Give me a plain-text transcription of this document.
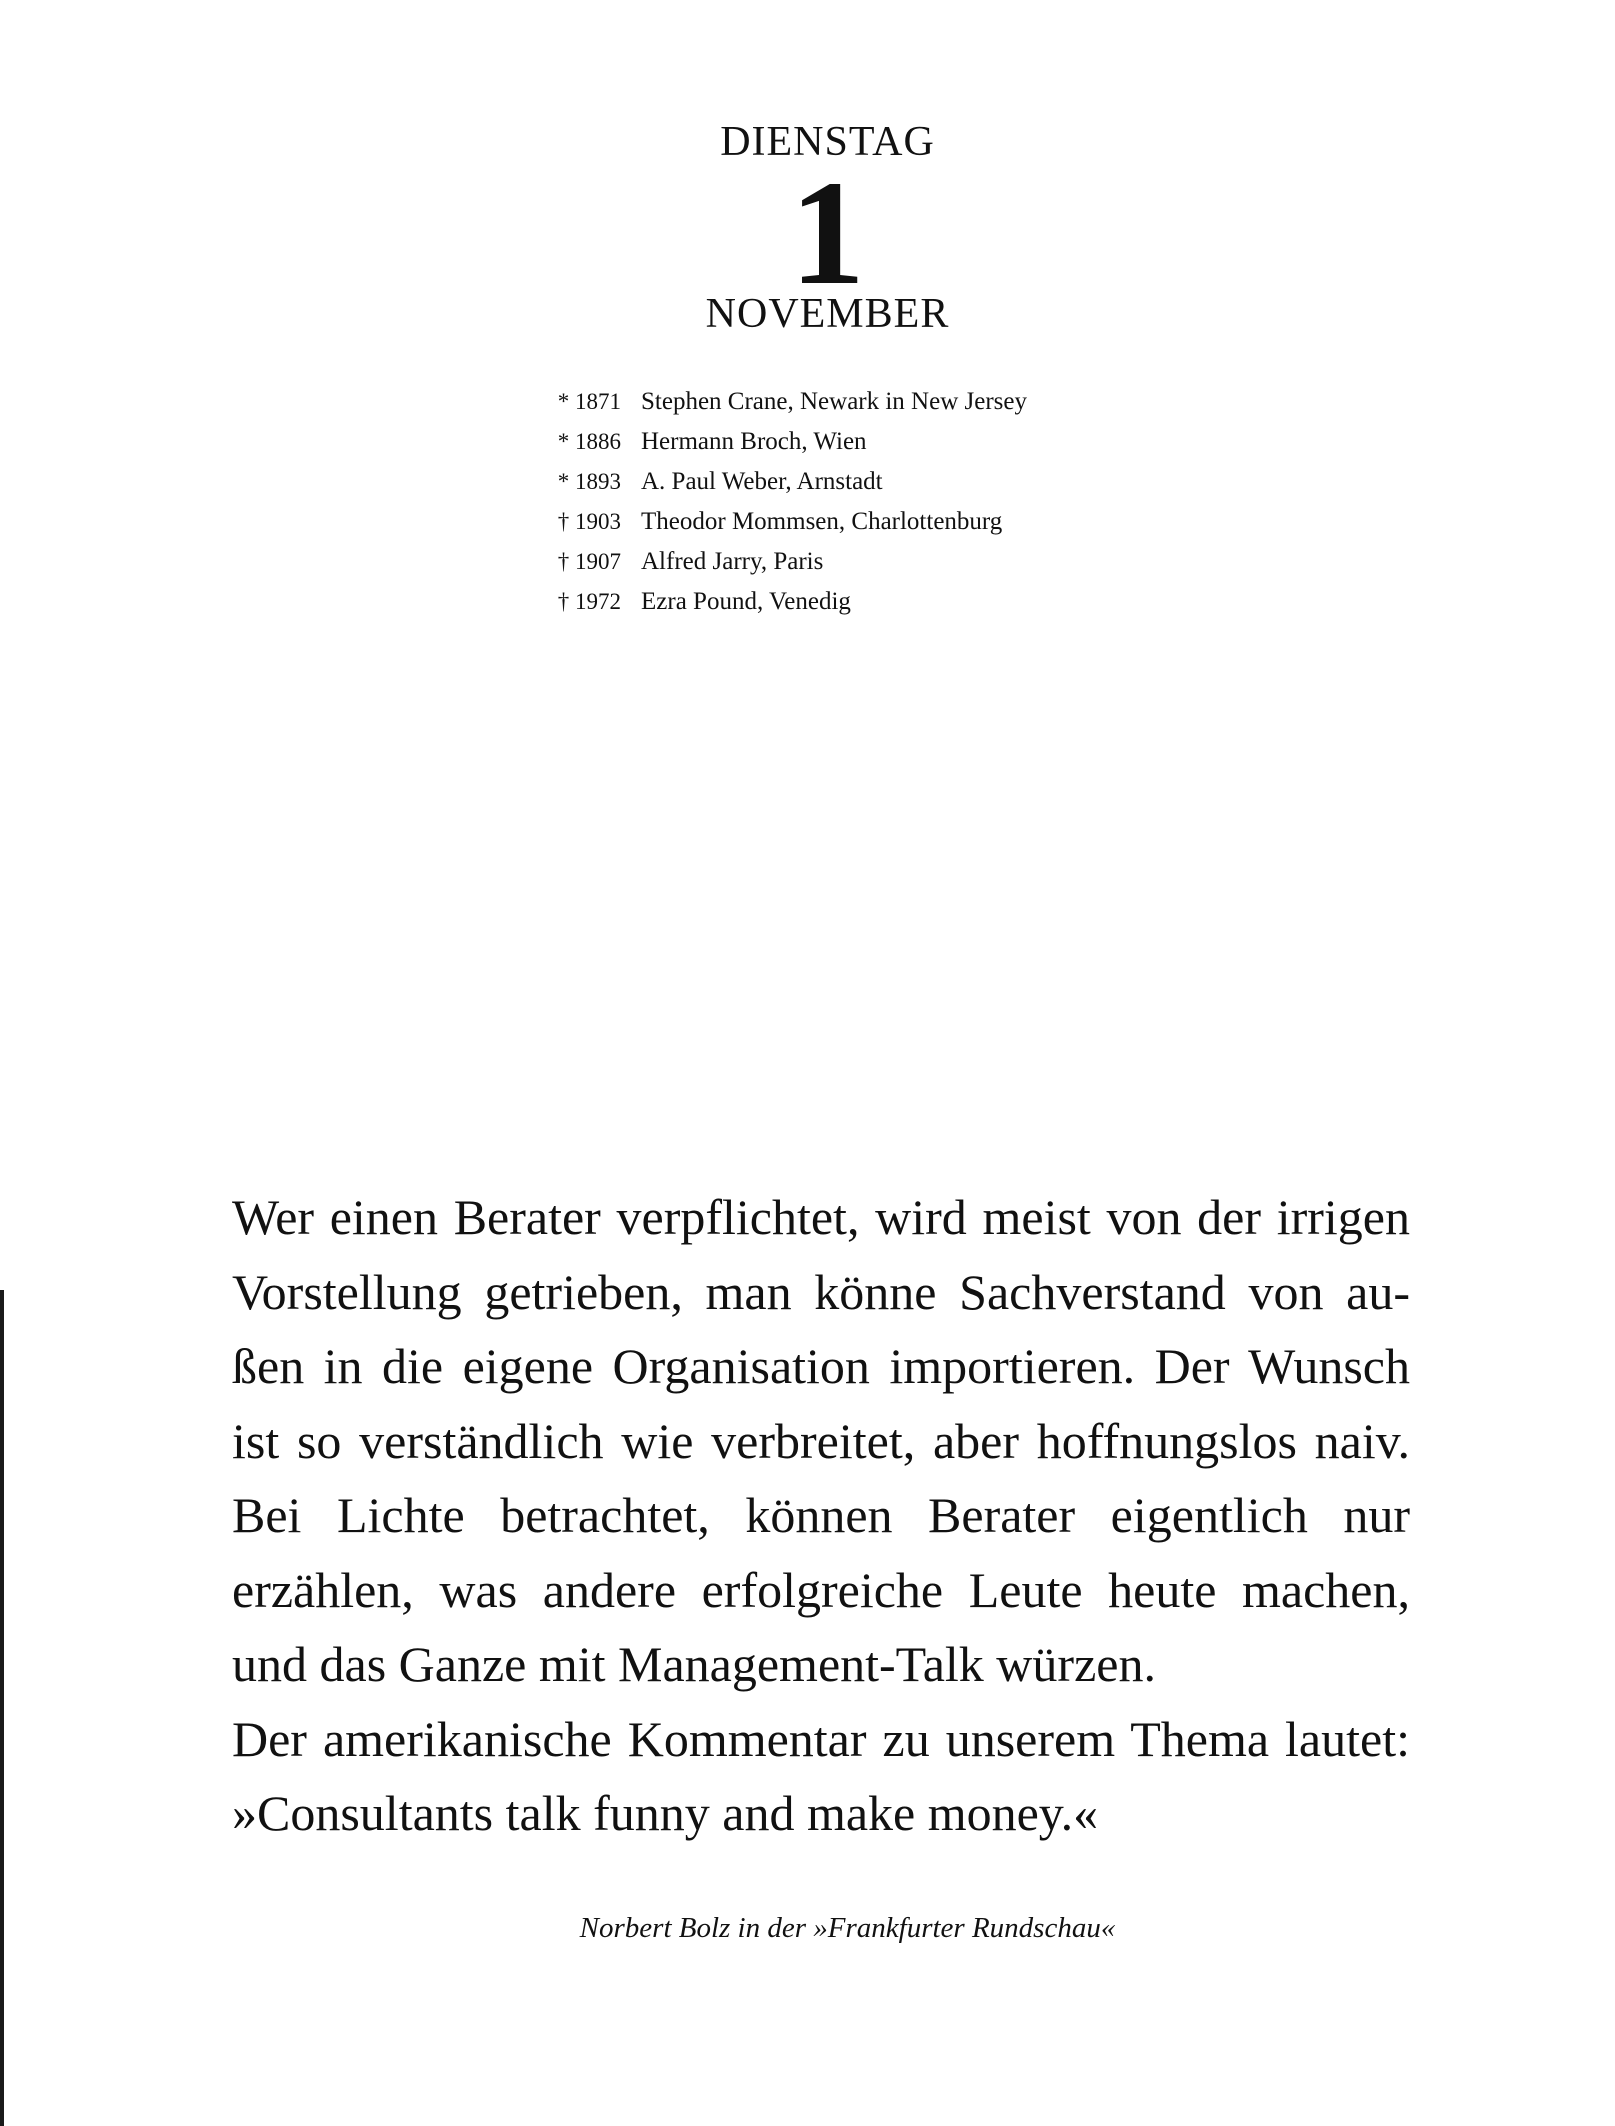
DIENSTAG
1
NOVEMBER
* 1871 Stephen Crane, Newark in New Jersey
* 1886 Hermann Broch, Wien
* 1893 A. Paul Weber, Arnstadt
† 1903 Theodor Mommsen, Charlottenburg
† 1907 Alfred Jarry, Paris
† 1972 Ezra Pound, Venedig
Wer einen Berater verpflichtet, wird meist von der irrigen
Vorstellung getrieben, man könne Sachverstand von au-
ßen in die eigene Organisation importieren. Der Wunsch
ist so verständlich wie verbreitet, aber hoffnungslos naiv.
Bei Lichte betrachtet, können Berater eigentlich nur
erzählen, was andere erfolgreiche Leute heute machen,
und das Ganze mit Management-Talk würzen.
Der amerikanische Kommentar zu unserem Thema lautet:
»Consultants talk funny and make money.«
Norbert Bolz in der »Frankfurter Rundschau«
